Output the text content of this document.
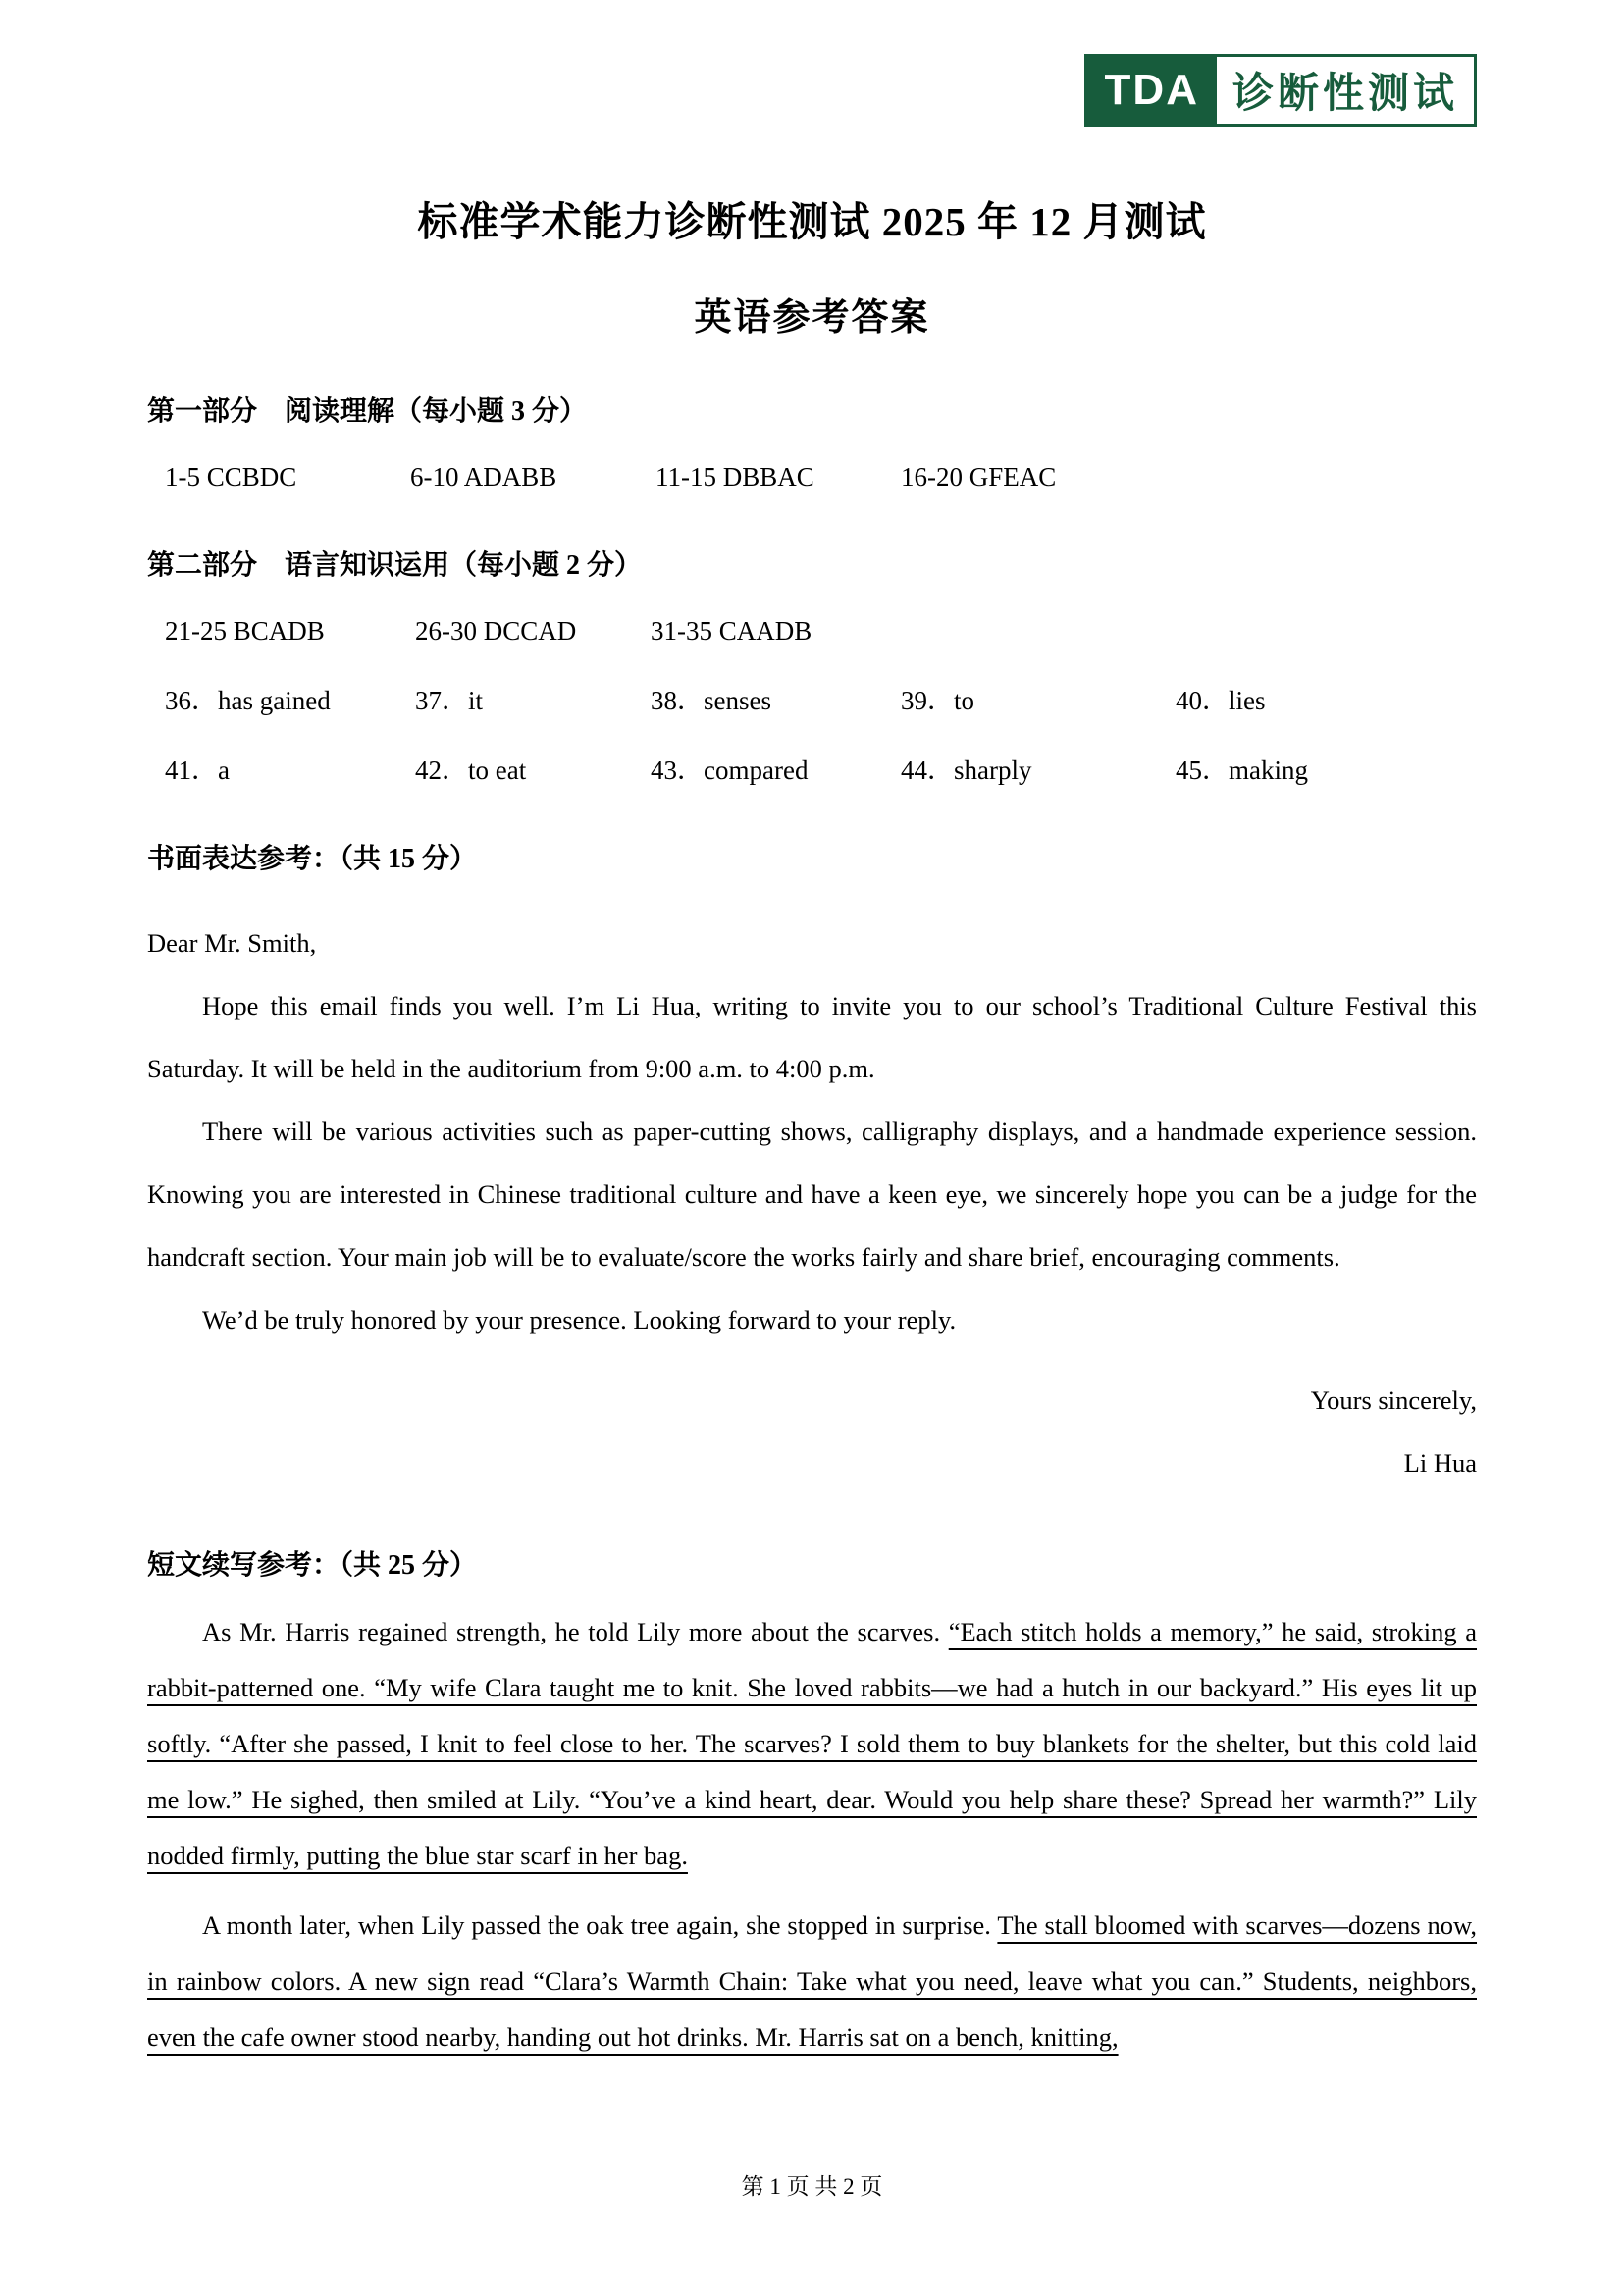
TDA 诊断性测试
标准学术能力诊断性测试 2025 年 12 月测试
英语参考答案
第一部分　阅读理解（每小题 3 分）
1-5 CCBDC	6-10 ADABB	11-15 DBBAC	16-20 GFEAC
第二部分　语言知识运用（每小题 2 分）
21-25 BCADB	26-30 DCCAD	31-35 CAADB
36．has gained	37．it	38．senses	39．to	40．lies
41．a	42．to eat	43．compared	44．sharply	45．making
书面表达参考：（共 15 分）

Dear Mr. Smith,

Hope this email finds you well. I’m Li Hua, writing to invite you to our school’s Traditional Culture Festival this Saturday. It will be held in the auditorium from 9:00 a.m. to 4:00 p.m.

There will be various activities such as paper-cutting shows, calligraphy displays, and a handmade experience session. Knowing you are interested in Chinese traditional culture and have a keen eye, we sincerely hope you can be a judge for the handcraft section. Your main job will be to evaluate/score the works fairly and share brief, encouraging comments.

We’d be truly honored by your presence. Looking forward to your reply.

Yours sincerely,

Li Hua

短文续写参考：（共 25 分）

As Mr. Harris regained strength, he told Lily more about the scarves. “Each stitch holds a memory,” he said, stroking a rabbit-patterned one. “My wife Clara taught me to knit. She loved rabbits—we had a hutch in our backyard.” His eyes lit up softly. “After she passed, I knit to feel close to her. The scarves? I sold them to buy blankets for the shelter, but this cold laid me low.” He sighed, then smiled at Lily. “You’ve a kind heart, dear. Would you help share these? Spread her warmth?” Lily nodded firmly, putting the blue star scarf in her bag.

A month later, when Lily passed the oak tree again, she stopped in surprise. The stall bloomed with scarves—dozens now, in rainbow colors. A new sign read “Clara’s Warmth Chain: Take what you need, leave what you can.” Students, neighbors, even the cafe owner stood nearby, handing out hot drinks. Mr. Harris sat on a bench, knitting,

第 1 页 共 2 页
